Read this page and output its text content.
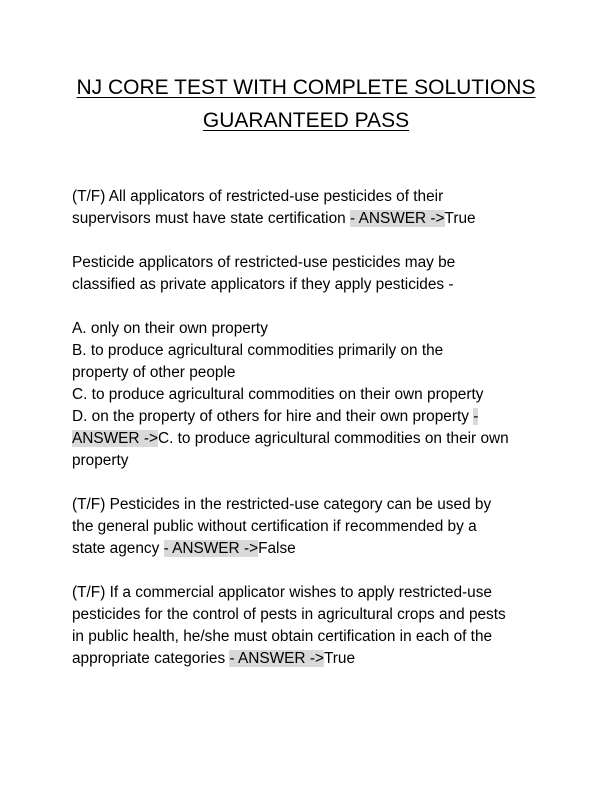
NJ CORE TEST WITH COMPLETE SOLUTIONS
GUARANTEED PASS
(T/F) All applicators of restricted-use pesticides of their
supervisors must have state certification - ANSWER ->True
Pesticide applicators of restricted-use pesticides may be
classified as private applicators if they apply pesticides -
A. only on their own property
B. to produce agricultural commodities primarily on the
property of other people
C. to produce agricultural commodities on their own property
D. on the property of others for hire and their own property -
ANSWER ->C. to produce agricultural commodities on their own
property
(T/F) Pesticides in the restricted-use category can be used by
the general public without certification if recommended by a
state agency - ANSWER ->False
(T/F) If a commercial applicator wishes to apply restricted-use
pesticides for the control of pests in agricultural crops and pests
in public health, he/she must obtain certification in each of the
appropriate categories - ANSWER ->True
